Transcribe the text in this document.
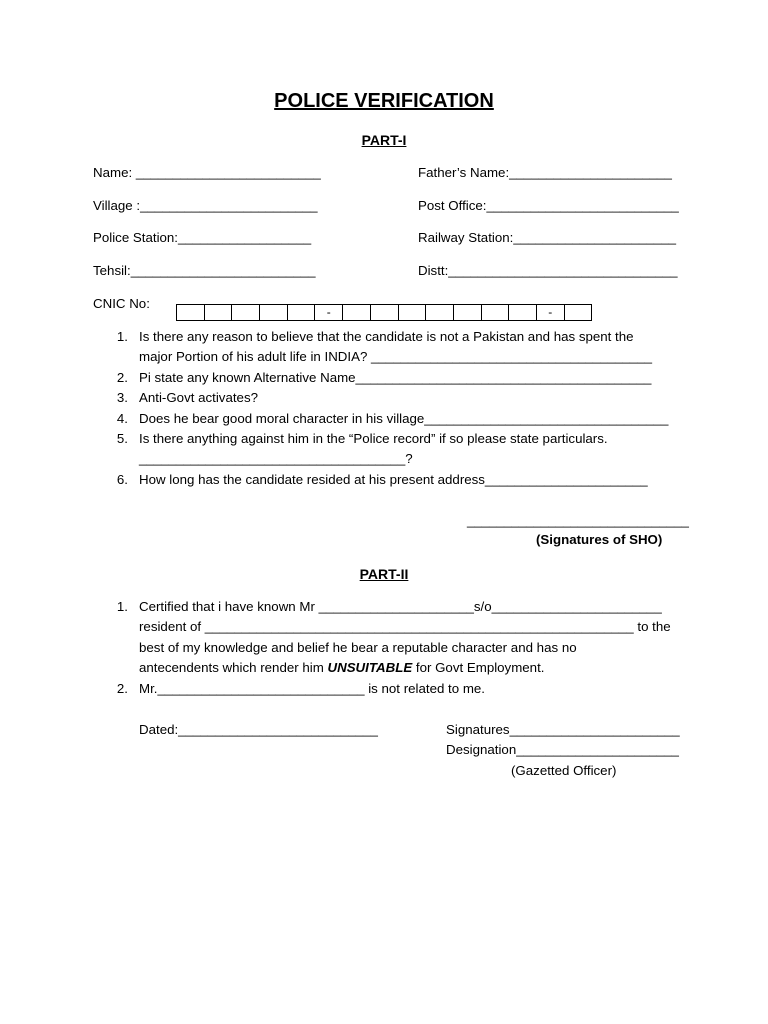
POLICE VERIFICATION
PART-I
Name: _________________________	Father’s Name:______________________
Village :________________________	Post Office:__________________________
Police Station:__________________	Railway Station:______________________
Tehsil:_________________________	Distt:_______________________________
CNIC No:
-	-
1. Is there any reason to believe that the candidate is not a Pakistan and has spent the
major Portion of his adult life in INDIA? ______________________________________
2. Pi state any known Alternative Name________________________________________
3. Anti-Govt activates?
4. Does he bear good moral character in his village_________________________________
5. Is there anything against him in the “Police record” if so please state particulars.
____________________________________?
6. How long has the candidate resided at his present address______________________
______________________________
(Signatures of SHO)
PART-II
1. Certified that i have known Mr _____________________s/o_______________________
resident of __________________________________________________________ to the
best of my knowledge and belief he bear a reputable character and has no
antecendents which render him UNSUITABLE for Govt Employment.
2. Mr.____________________________ is not related to me.
Dated:___________________________	Signatures_______________________
Designation______________________
(Gazetted Officer)
